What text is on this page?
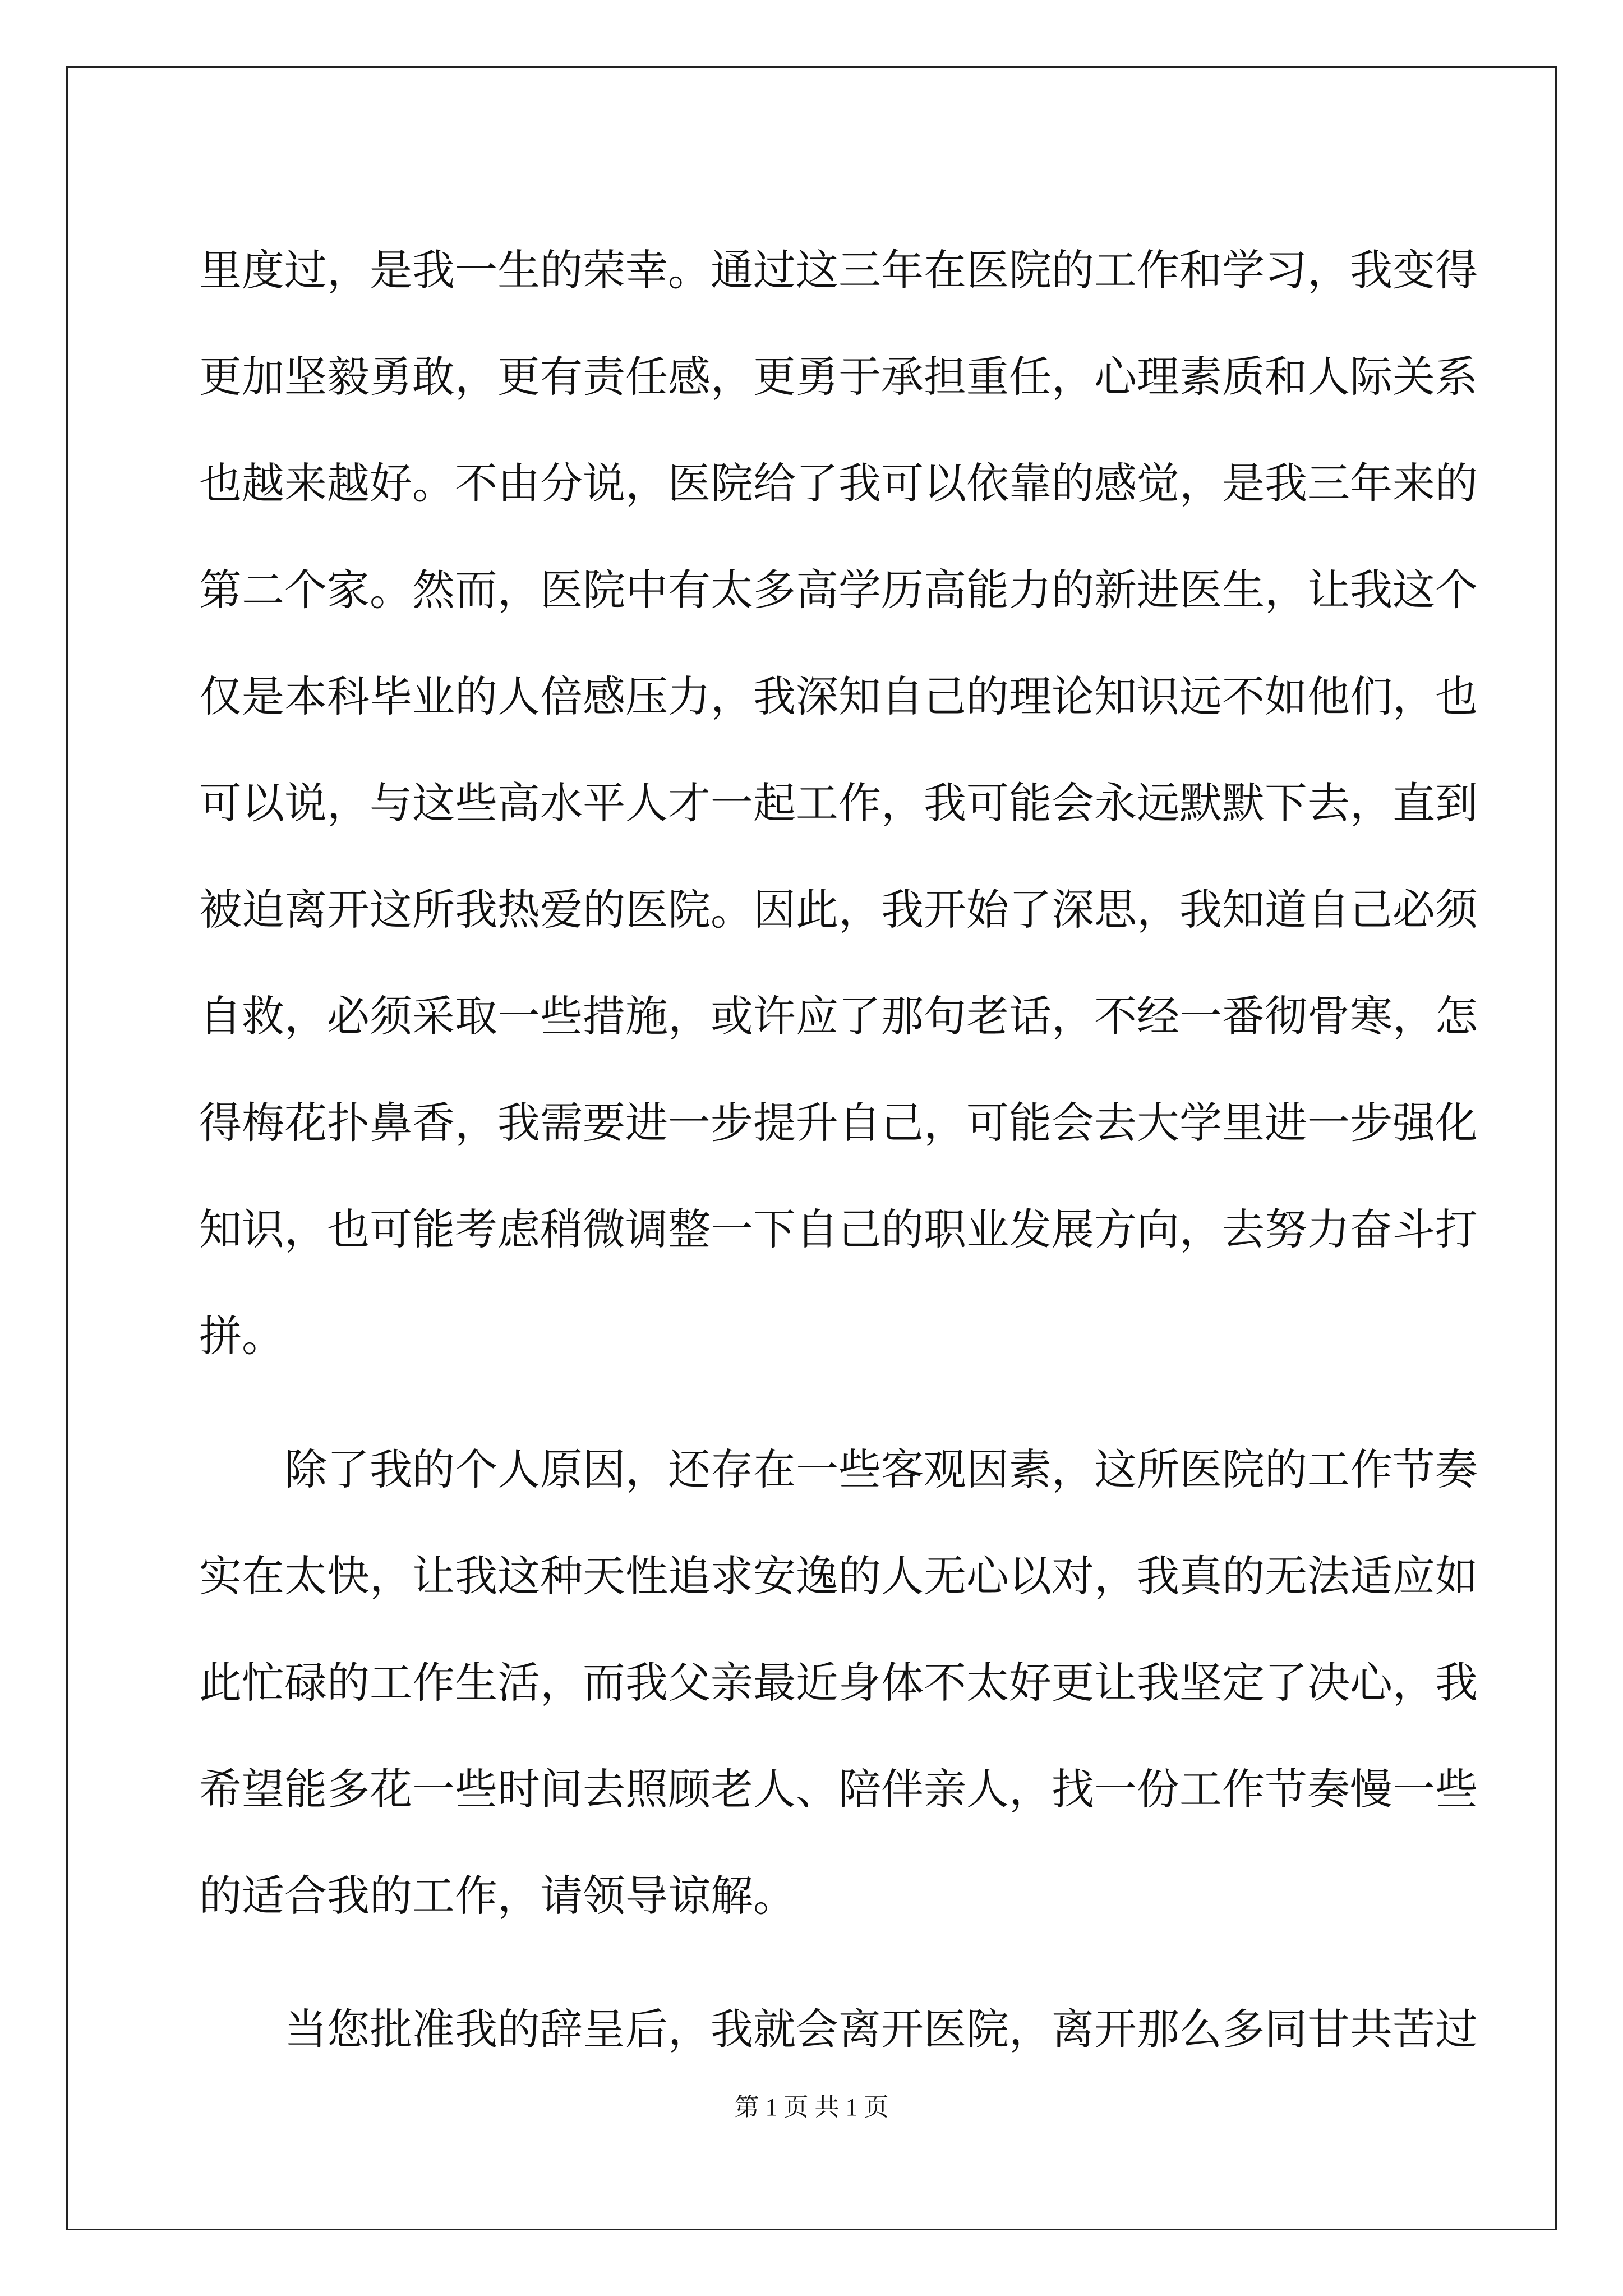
里 度 过 ， 是 我 一 生 的 荣 幸 。 通 过 这 三 年 在 医 院 的 工 作 和 学 习 ， 我 变 得
更 加 坚 毅 勇 敢 ， 更 有 责 任 感 ， 更 勇 于 承 担 重 任 ， 心 理 素 质 和 人 际 关 系
也 越 来 越 好 。 不 由 分 说 ， 医 院 给 了 我 可 以 依 靠 的 感 觉 ， 是 我 三 年 来 的
第 二 个 家 。 然 而 ， 医 院 中 有 太 多 高 学 历 高 能 力 的 新 进 医 生 ， 让 我 这 个
仅 是 本 科 毕 业 的 人 倍 感 压 力 ， 我 深 知 自 己 的 理 论 知 识 远 不 如 他 们 ， 也
可 以 说 ， 与 这 些 高 水 平 人 才 一 起 工 作 ， 我 可 能 会 永 远 默 默 下 去 ， 直 到
被 迫 离 开 这 所 我 热 爱 的 医 院 。 因 此 ， 我 开 始 了 深 思 ， 我 知 道 自 己 必 须
自 救 ， 必 须 采 取 一 些 措 施 ， 或 许 应 了 那 句 老 话 ， 不 经 一 番 彻 骨 寒 ， 怎
得 梅 花 扑 鼻 香 ， 我 需 要 进 一 步 提 升 自 己 ， 可 能 会 去 大 学 里 进 一 步 强 化
知 识 ， 也 可 能 考 虑 稍 微 调 整 一 下 自 己 的 职 业 发 展 方 向 ， 去 努 力 奋 斗 打
拼。
除 了 我 的 个 人 原 因 ， 还 存 在 一 些 客 观 因 素 ， 这 所 医 院 的 工 作 节 奏
实 在 太 快 ， 让 我 这 种 天 性 追 求 安 逸 的 人 无 心 以 对 ， 我 真 的 无 法 适 应 如
此 忙 碌 的 工 作 生 活 ， 而 我 父 亲 最 近 身 体 不 太 好 更 让 我 坚 定 了 决 心 ， 我
希 望 能 多 花 一 些 时 间 去 照 顾 老 人 、 陪 伴 亲 人 ， 找 一 份 工 作 节 奏 慢 一 些
的适合我的工作，请领导谅解。
当 您 批 准 我 的 辞 呈 后 ， 我 就 会 离 开 医 院 ， 离 开 那 么 多 同 甘 共 苦 过
第 1 页 共 1 页
